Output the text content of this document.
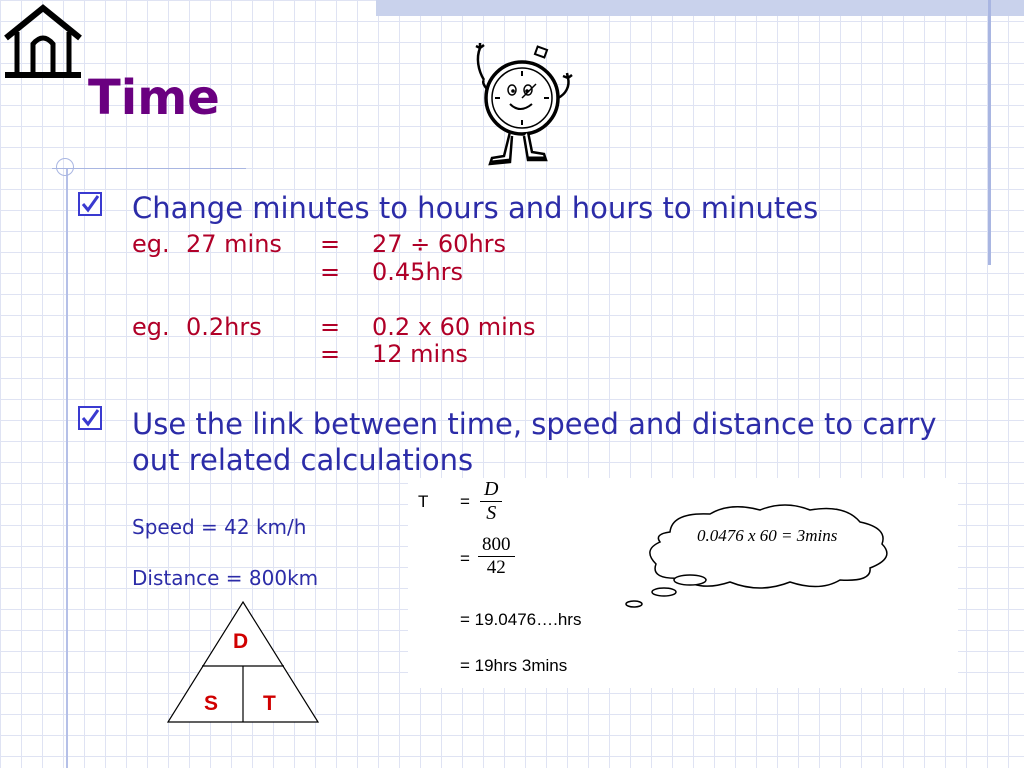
Time
Change minutes to hours and hours to minutes
eg. 27 mins = 27 ÷ 60hrs
= 0.45hrs
eg. 0.2hrs = 0.2 x 60 mins
= 12 mins
Use the link between time, speed and distance to carry out related calculations
Speed = 42 km/h
Distance = 800km
$T = \frac{D}{S}$
= $\frac{800}{42}$
= 19.0476….hrs
= 19hrs 3mins
0.0476 x 60 = 3mins
D
S T
